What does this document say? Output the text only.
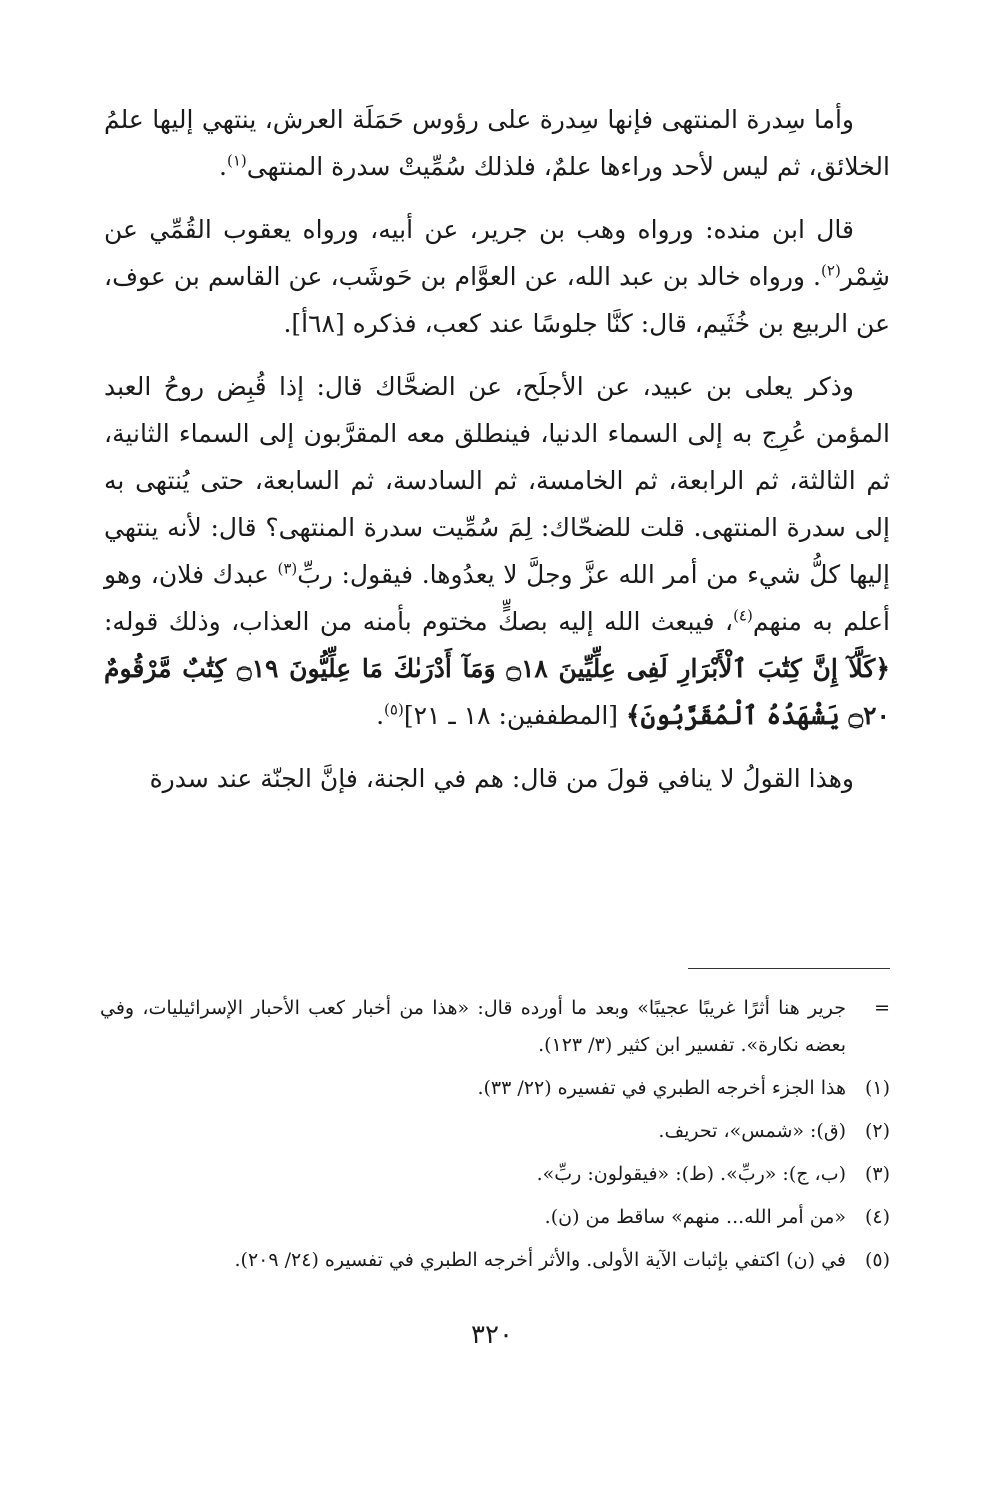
وأما سِدرة المنتهى فإنها سِدرة على رؤوس حَمَلَة العرش، ينتهي إليها علمُ الخلائق، ثم ليس لأحد وراءها علمٌ، فلذلك سُمِّيتْ سدرة المنتهى$^{(١)}$.

قال ابن منده: ورواه وهب بن جرير، عن أبيه، ورواه يعقوب القُمِّي عن شِمْر$^{(٢)}$. ورواه خالد بن عبد الله، عن العوَّام بن حَوشَب، عن القاسم بن عوف، عن الربيع بن خُثَيم، قال: كنَّا جلوسًا عند كعب، فذكره [٦٨أ].

وذكر يعلى بن عبيد، عن الأجلَح، عن الضحَّاك قال: إذا قُبِض روحُ العبد المؤمن عُرِج به إلى السماء الدنيا، فينطلق معه المقرَّبون إلى السماء الثانية، ثم الثالثة، ثم الرابعة، ثم الخامسة، ثم السادسة، ثم السابعة، حتى يُنتهى به إلى سدرة المنتهى. قلت للضحّاك: لِمَ سُمِّيت سدرة المنتهى؟ قال: لأنه ينتهي إليها كلُّ شيء من أمر الله عزَّ وجلَّ لا يعدُوها. فيقول: ربِّ$^{(٣)}$ عبدك فلان، وهو أعلم به منهم$^{(٤)}$، فيبعث الله إليه بصكٍّ مختوم بأمنه من العذاب، وذلك قوله: ﴿كَلَّآ إِنَّ كِتَٰبَ ٱلْأَبْرَارِ لَفِى عِلِّيِّينَ ۝١٨ وَمَآ أَدْرَىٰكَ مَا عِلِّيُّونَ ۝١٩ كِتَٰبٌ مَّرْقُومٌ ۝٢٠ يَشْهَدُهُ ٱلْمُقَرَّبُونَ﴾ [المطففين: ١٨ ـ ٢١]$^{(٥)}$.

وهذا القولُ لا ينافي قولَ من قال: هم في الجنة، فإنَّ الجنّة عند سدرة

=
جرير هنا أثرًا غريبًا عجيبًا» وبعد ما أورده قال: «هذا من أخبار كعب الأحبار الإسرائيليات، وفي بعضه نكارة». تفسير ابن كثير (٣/ ١٢٣).
(١)
هذا الجزء أخرجه الطبري في تفسيره (٢٢/ ٣٣).
(٢)
(ق): «شمس»، تحريف.
(٣)
(ب، ج): «ربِّ». (ط): «فيقولون: ربِّ».
(٤)
«من أمر الله... منهم» ساقط من (ن).
(٥)
في (ن) اكتفي بإثبات الآية الأولى. والأثر أخرجه الطبري في تفسيره (٢٤/ ٢٠٩).
٣٢٠
